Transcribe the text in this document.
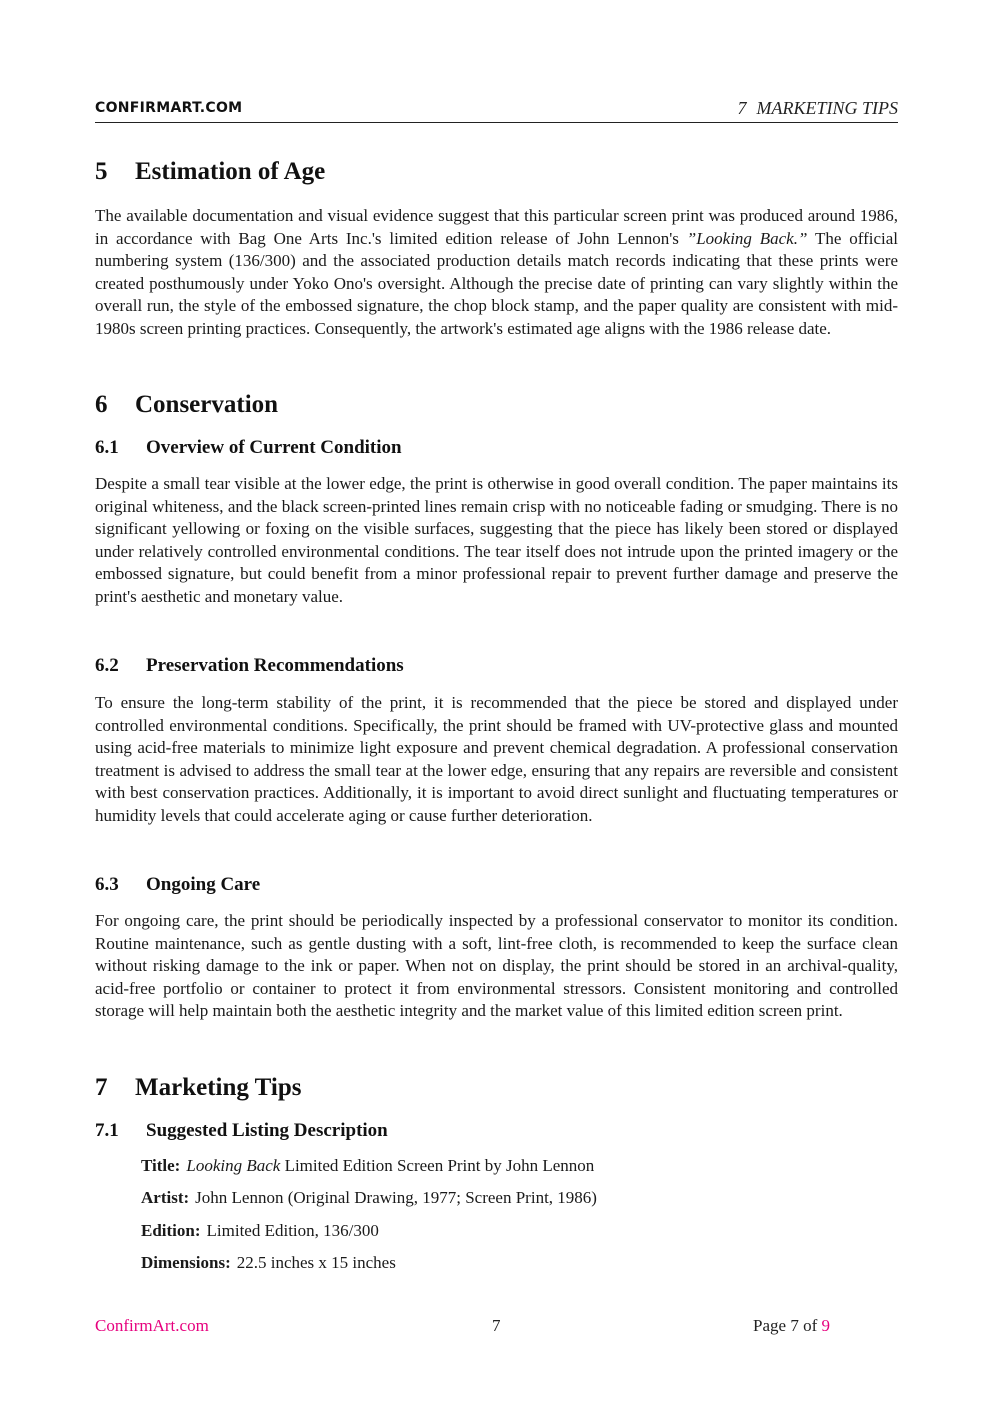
CONFIRMART.COM	7 MARKETING TIPS
5 Estimation of Age

The available documentation and visual evidence suggest that this particular screen print was produced around 1986, in accordance with Bag One Arts Inc.'s limited edition release of John Lennon's ”Looking Back.” The official numbering system (136/300) and the associated production details match records indicating that these prints were created posthumously under Yoko Ono's oversight. Although the precise date of printing can vary slightly within the overall run, the style of the embossed signature, the chop block stamp, and the paper quality are consistent with mid-1980s screen printing practices. Consequently, the artwork's estimated age aligns with the 1986 release date.

6 Conservation
6.1 Overview of Current Condition

Despite a small tear visible at the lower edge, the print is otherwise in good overall condition. The paper maintains its original whiteness, and the black screen-printed lines remain crisp with no noticeable fading or smudging. There is no significant yellowing or foxing on the visible surfaces, suggesting that the piece has likely been stored or displayed under relatively controlled environmental conditions. The tear itself does not intrude upon the printed imagery or the embossed signature, but could benefit from a minor professional repair to prevent further damage and preserve the print's aesthetic and monetary value.

6.2 Preservation Recommendations

To ensure the long-term stability of the print, it is recommended that the piece be stored and displayed under controlled environmental conditions. Specifically, the print should be framed with UV-protective glass and mounted using acid-free materials to minimize light exposure and prevent chemical degradation. A professional conservation treatment is advised to address the small tear at the lower edge, ensuring that any repairs are reversible and consistent with best conservation practices. Additionally, it is important to avoid direct sunlight and fluctuating temperatures or humidity levels that could accelerate aging or cause further deterioration.

6.3 Ongoing Care

For ongoing care, the print should be periodically inspected by a professional conservator to monitor its condition. Routine maintenance, such as gentle dusting with a soft, lint-free cloth, is recommended to keep the surface clean without risking damage to the ink or paper. When not on display, the print should be stored in an archival-quality, acid-free portfolio or container to protect it from environmental stressors. Consistent monitoring and controlled storage will help maintain both the aesthetic integrity and the market value of this limited edition screen print.

7 Marketing Tips
7.1 Suggested Listing Description
Title: Looking Back Limited Edition Screen Print by John Lennon
Artist: John Lennon (Original Drawing, 1977; Screen Print, 1986)
Edition: Limited Edition, 136/300
Dimensions: 22.5 inches x 15 inches
ConfirmArt.com	7	Page 7 of 9
